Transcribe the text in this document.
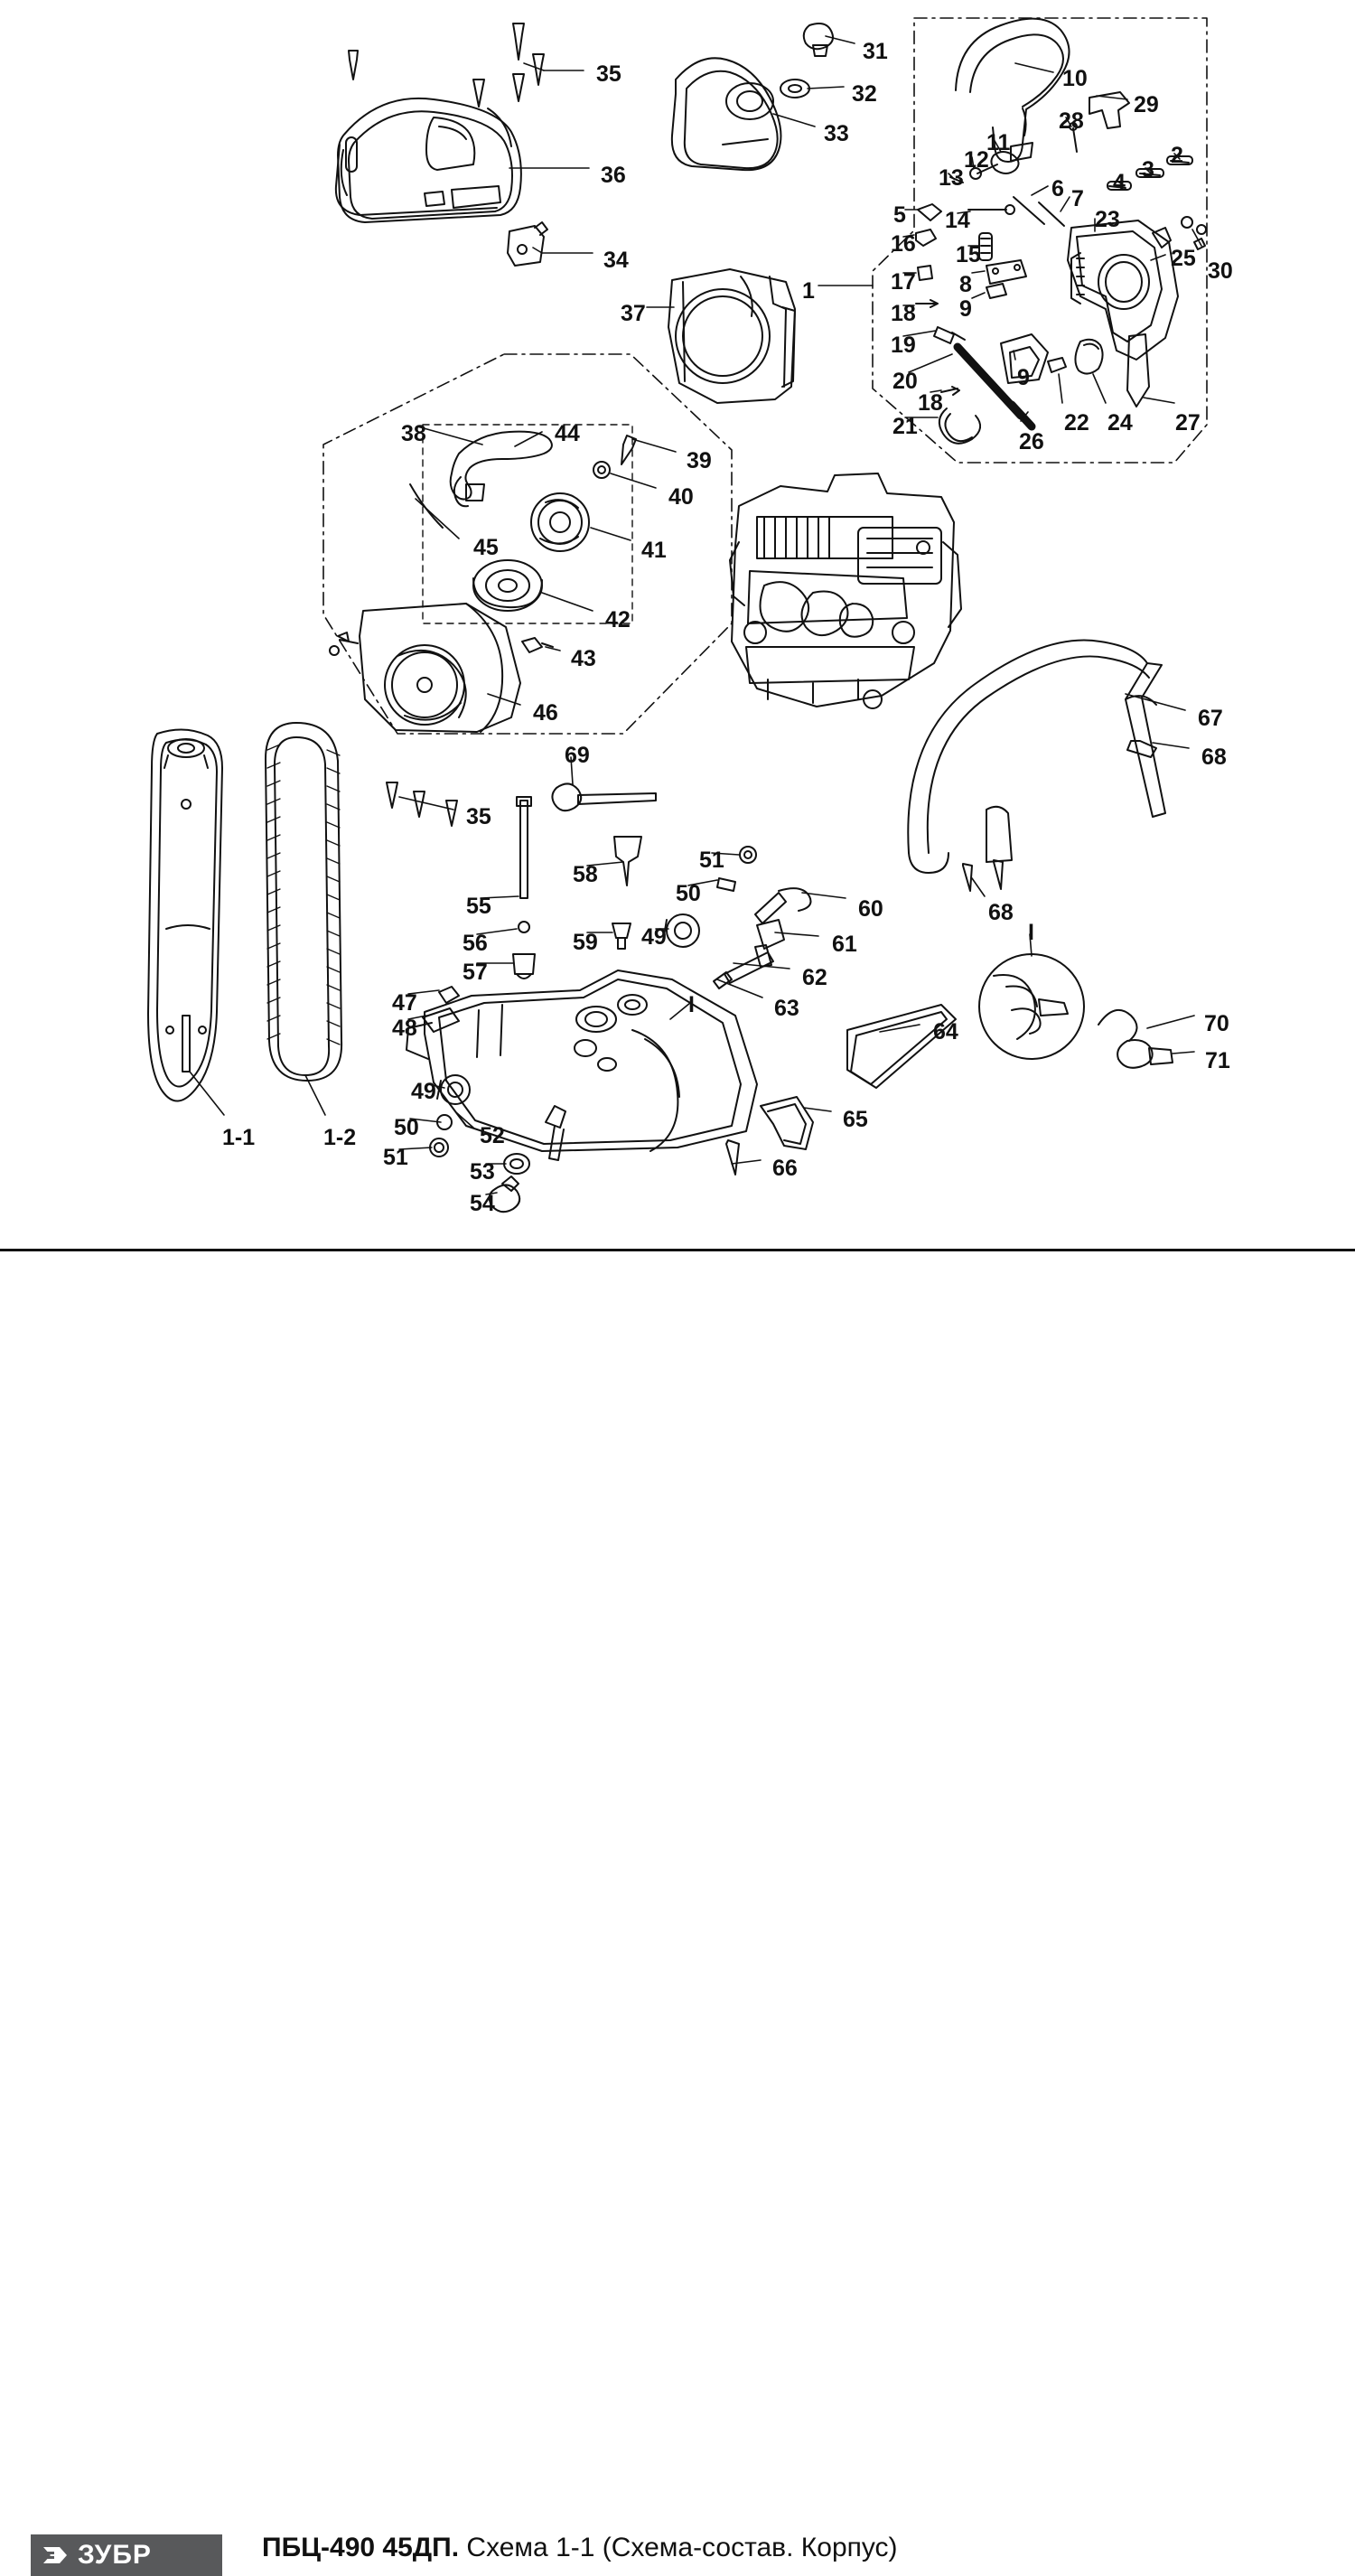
35
31
32
10
29
28
33	11	2
3
12
13	4
36
6 7
5 14	23
16 15
30
25
34
17 8
1
37	18 9
19
20	9
18
22 24 27
21
26
38	44
39
40
45	41
42
43
46	67
68
69
35
51
58
50
68
55	60
I
49
56	59	61
57	62
I
47	63
48	70
64
71
49
65
50	52
1-1	1-2
51	66
53
54
ЗУБР	ПБЦ-490 45ДП. Схема 1-1 (Схема-состав. Корпус)
